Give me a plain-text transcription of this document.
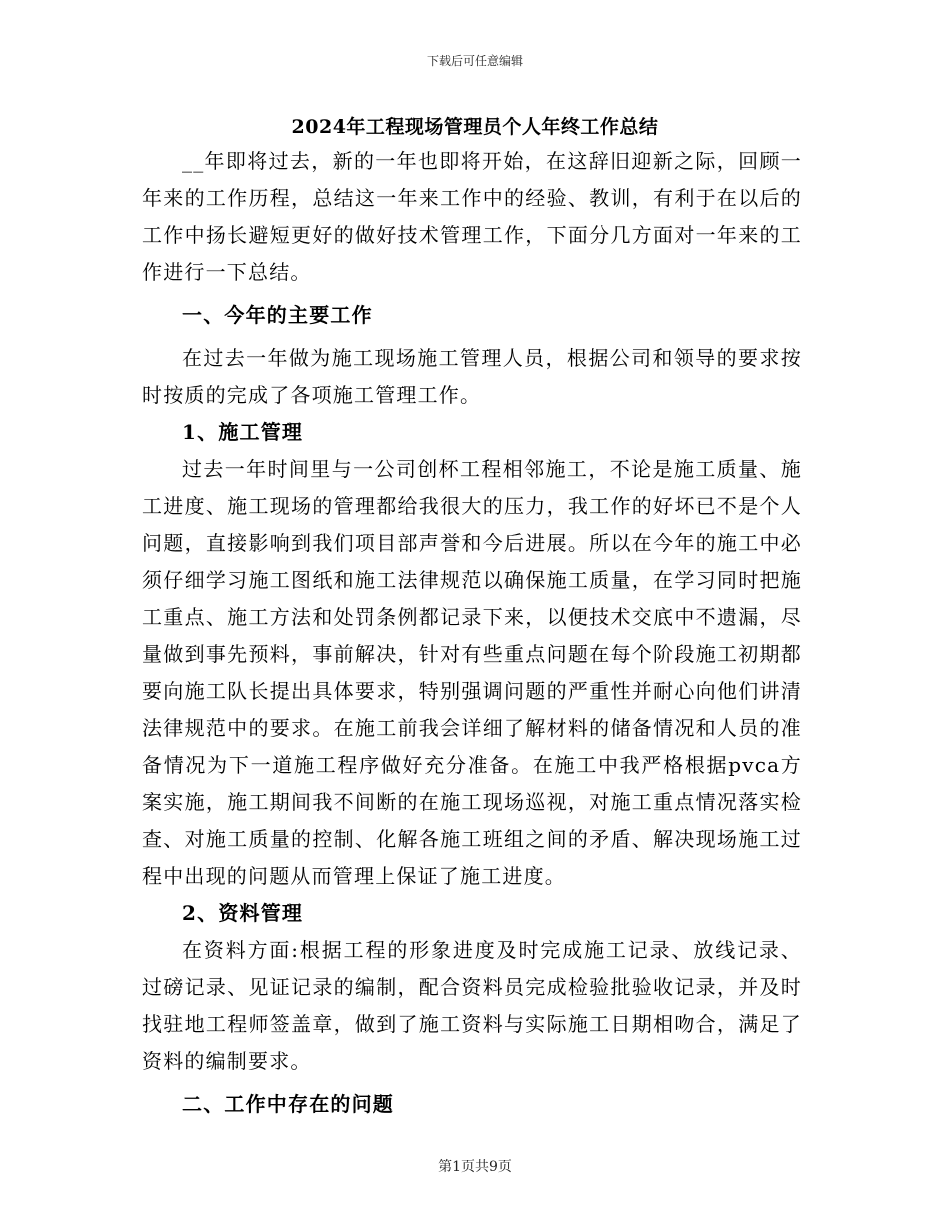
下载后可任意编辑
2024年工程现场管理员个人年终工作总结

__年即将过去，新的一年也即将开始，在这辞旧迎新之际，回顾一年来的工作历程，总结这一年来工作中的经验、教训，有利于在以后的工作中扬长避短更好的做好技术管理工作，下面分几方面对一年来的工作进行一下总结。

一、今年的主要工作

在过去一年做为施工现场施工管理人员，根据公司和领导的要求按时按质的完成了各项施工管理工作。

1、施工管理

过去一年时间里与一公司创杯工程相邻施工，不论是施工质量、施工进度、施工现场的管理都给我很大的压力，我工作的好坏已不是个人问题，直接影响到我们项目部声誉和今后进展。所以在今年的施工中必须仔细学习施工图纸和施工法律规范以确保施工质量，在学习同时把施工重点、施工方法和处罚条例都记录下来，以便技术交底中不遗漏，尽量做到事先预料，事前解决，针对有些重点问题在每个阶段施工初期都要向施工队长提出具体要求，特别强调问题的严重性并耐心向他们讲清法律规范中的要求。在施工前我会详细了解材料的储备情况和人员的准备情况为下一道施工程序做好充分准备。在施工中我严格根据pvca方案实施，施工期间我不间断的在施工现场巡视，对施工重点情况落实检查、对施工质量的控制、化解各施工班组之间的矛盾、解决现场施工过程中出现的问题从而管理上保证了施工进度。

2、资料管理

在资料方面:根据工程的形象进度及时完成施工记录、放线记录、过磅记录、见证记录的编制，配合资料员完成检验批验收记录，并及时找驻地工程师签盖章，做到了施工资料与实际施工日期相吻合，满足了资料的编制要求。

二、工作中存在的问题

第1页共9页
